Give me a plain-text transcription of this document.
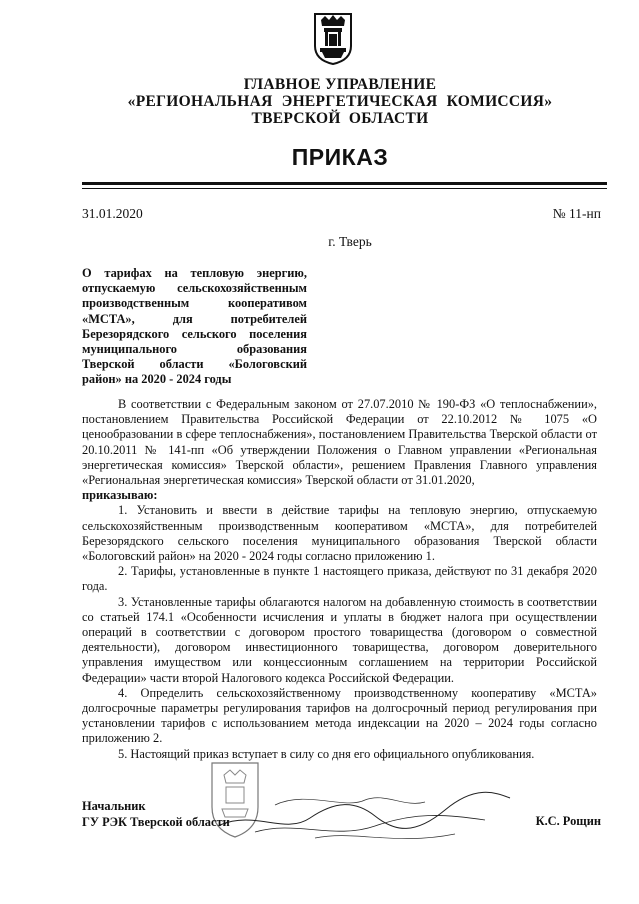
ГЛАВНОЕ УПРАВЛЕНИЕ
«РЕГИОНАЛЬНАЯ ЭНЕРГЕТИЧЕСКАЯ КОМИССИЯ»
ТВЕРСКОЙ ОБЛАСТИ
ПРИКАЗ
31.01.2020	№ 11-нп
г. Тверь
О тарифах на тепловую энергию,
отпускаемую сельскохозяйственным
производственным	кооперативом
«МСТА»,	для	потребителей
Березорядского сельского поселения
муниципального	образования
Тверской области «Бологовский
район» на 2020 - 2024 годы

В соответствии с Федеральным законом от 27.07.2010 № 190-ФЗ «О теплоснабжении», постановлением Правительства Российской Федерации от 22.10.2012 № 1075 «О ценообразовании в сфере теплоснабжения», постановлением Правительства Тверской области от 20.10.2011 № 141-пп «Об утверждении Положения о Главном управлении «Региональная энергетическая комиссия» Тверской области», решением Правления Главного управления «Региональная энергетическая комиссия» Тверской области от 31.01.2020,

приказываю:

1. Установить и ввести в действие тарифы на тепловую энергию, отпускаемую сельскохозяйственным производственным кооперативом «МСТА», для потребителей Березорядского сельского поселения муниципального образования Тверской области «Бологовский район» на 2020 - 2024 годы согласно приложению 1.

2. Тарифы, установленные в пункте 1 настоящего приказа, действуют по 31 декабря 2020 года.

3. Установленные тарифы облагаются налогом на добавленную стоимость в соответствии со статьей 174.1 «Особенности исчисления и уплаты в бюджет налога при осуществлении операций в соответствии с договором простого товарищества (договором о совместной деятельности), договором инвестиционного товарищества, договором доверительного управления имуществом или концессионным соглашением на территории Российской Федерации» части второй Налогового кодекса Российской Федерации.

4. Определить сельскохозяйственному производственному кооперативу «МСТА» долгосрочные параметры регулирования тарифов на долгосрочный период регулирования при установлении тарифов с использованием метода индексации на 2020 – 2024 годы согласно приложению 2.

5. Настоящий приказ вступает в силу со дня его официального опубликования.

Начальник
ГУ РЭК Тверской области	К.С. Рощин
